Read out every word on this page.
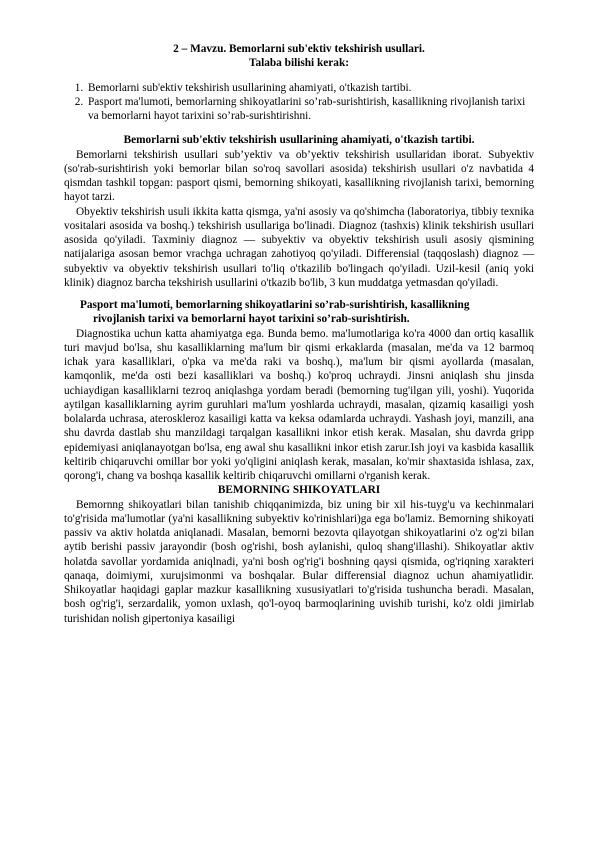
2 – Mavzu. Bemorlarni sub'ektiv tekshirish usullari.
Talaba bilishi kerak:
1. Bemorlarni sub'ektiv tekshirish usullarining ahamiyati, o'tkazish tartibi.
2. Pasport ma'lumoti, bemorlarning shikoyatlarini so’rab-surishtirish, kasallikning rivojlanish tarixi va bemorlarni hayot tarixini so’rab-surishtirishni.
Bemorlarni sub'ektiv tekshirish usullarining ahamiyati, o'tkazish tartibi.

Bemorlarni tekshirish usullari sub’yektiv va ob’yektiv tekshirish usullaridan iborat. Subyektiv (so'rab-surishtirish yoki bemorlar bilan so'roq savollari asosida) tekshirish usullari o'z navbatida 4 qismdan tashkil topgan: pasport qismi, bemorning shikoyati, kasallikning rivojlanish tarixi, bemorning hayot tarzi.

Obyektiv tekshirish usuli ikkita katta qismga, ya'ni asosiy va qo'shimcha (laboratoriya, tibbiy texnika vositalari asosida va boshq.) tekshirish usullariga bo'linadi. Diagnoz (tashxis) klinik tekshirish usullari asosida qo'yiladi. Taxminiy diagnoz — subyektiv va obyektiv tekshirish usuli asosiy qismining natijalariga asosan bemor vrachga uchragan zahotiyoq qo'yiladi. Differensial (taqqoslash) diagnoz — subyektiv va obyektiv tekshirish usullari to'liq o'tkazilib bo'lingach qo'yiladi. Uzil-kesil (aniq yoki klinik) diagnoz barcha tekshirish usullarini o'tkazib bo'lib, 3 kun muddatga yetmasdan qo'yiladi.

Pasport ma'lumoti, bemorlarning shikoyatlarini so’rab-surishtirish, kasallikning
rivojlanish tarixi va bemorlarni hayot tarixini so’rab-surishtirish.

Diagnostika uchun katta ahamiyatga ega. Bunda bemo. ma'lumotlariga ko'ra 4000 dan ortiq kasallik turi mavjud bo'lsa, shu kasalliklarning ma'lum bir qismi erkaklarda (masalan, me'da va 12 barmoq ichak yara kasalliklari, o'pka va me'da raki va boshq.), ma'lum bir qismi ayollarda (masalan, kamqonlik, me'da osti bezi kasalliklari va boshq.) ko'proq uchraydi. Jinsni aniqlash shu jinsda uchiaydigan kasalliklarni tezroq aniqlashga yordam beradi (bemorning tug'ilgan yili, yoshi). Yuqorida aytilgan kasalliklarning ayrim guruhlari ma'lum yoshlarda uchraydi, masalan, qizamiq kasailigi yosh bolalarda uchrasa, ateroskleroz kasailigi katta va keksa odamlarda uchraydi. Yashash joyi, manzili, ana shu davrda dastlab shu manzildagi tarqalgan kasallikni inkor etish kerak. Masalan, shu davrda gripp epidemiyasi aniqlanayotgan bo'lsa, eng awal shu kasallikni inkor etish zarur.Ish joyi va kasbida kasallik keltirib chiqaruvchi omillar bor yoki yo'qligini aniqlash kerak, masalan, ko'mir shaxtasida ishlasa, zax, qorong'i, chang va boshqa kasallik keltirib chiqaruvchi omillarni o'rganish kerak.

BEMORNING SHIKOYATLARI

Bemornng shikoyatlari bilan tanishib chiqqanimizda, biz uning bir xil his-tuyg'u va kechinmalari to'g'risida ma'lumotlar (ya'ni kasallikning subyektiv ko'rinishlari)ga ega bo'lamiz. Bemorning shikoyati passiv va aktiv holatda aniqlanadi. Masalan, bemorni bezovta qilayotgan shikoyatlarini o'z og'zi bilan aytib berishi passiv jarayondir (bosh og'rishi, bosh aylanishi, quloq shang'illashi). Shikoyatlar aktiv holatda savollar yordamida aniqlnadi, ya'ni bosh og'rig'i boshning qaysi qismida, og'riqning xarakteri qanaqa, doimiymi, xurujsimonmi va boshqalar. Bular differensial diagnoz uchun ahamiyatlidir. Shikoyatlar haqidagi gaplar mazkur kasallikning xususiyatlari to'g'risida tushuncha beradi. Masalan, bosh og'rig'i, serzardalik, yomon uxlash, qo'l-oyoq barmoqlarining uvishib turishi, ko'z oldi jimirlab turishidan nolish gipertoniya kasailigi
